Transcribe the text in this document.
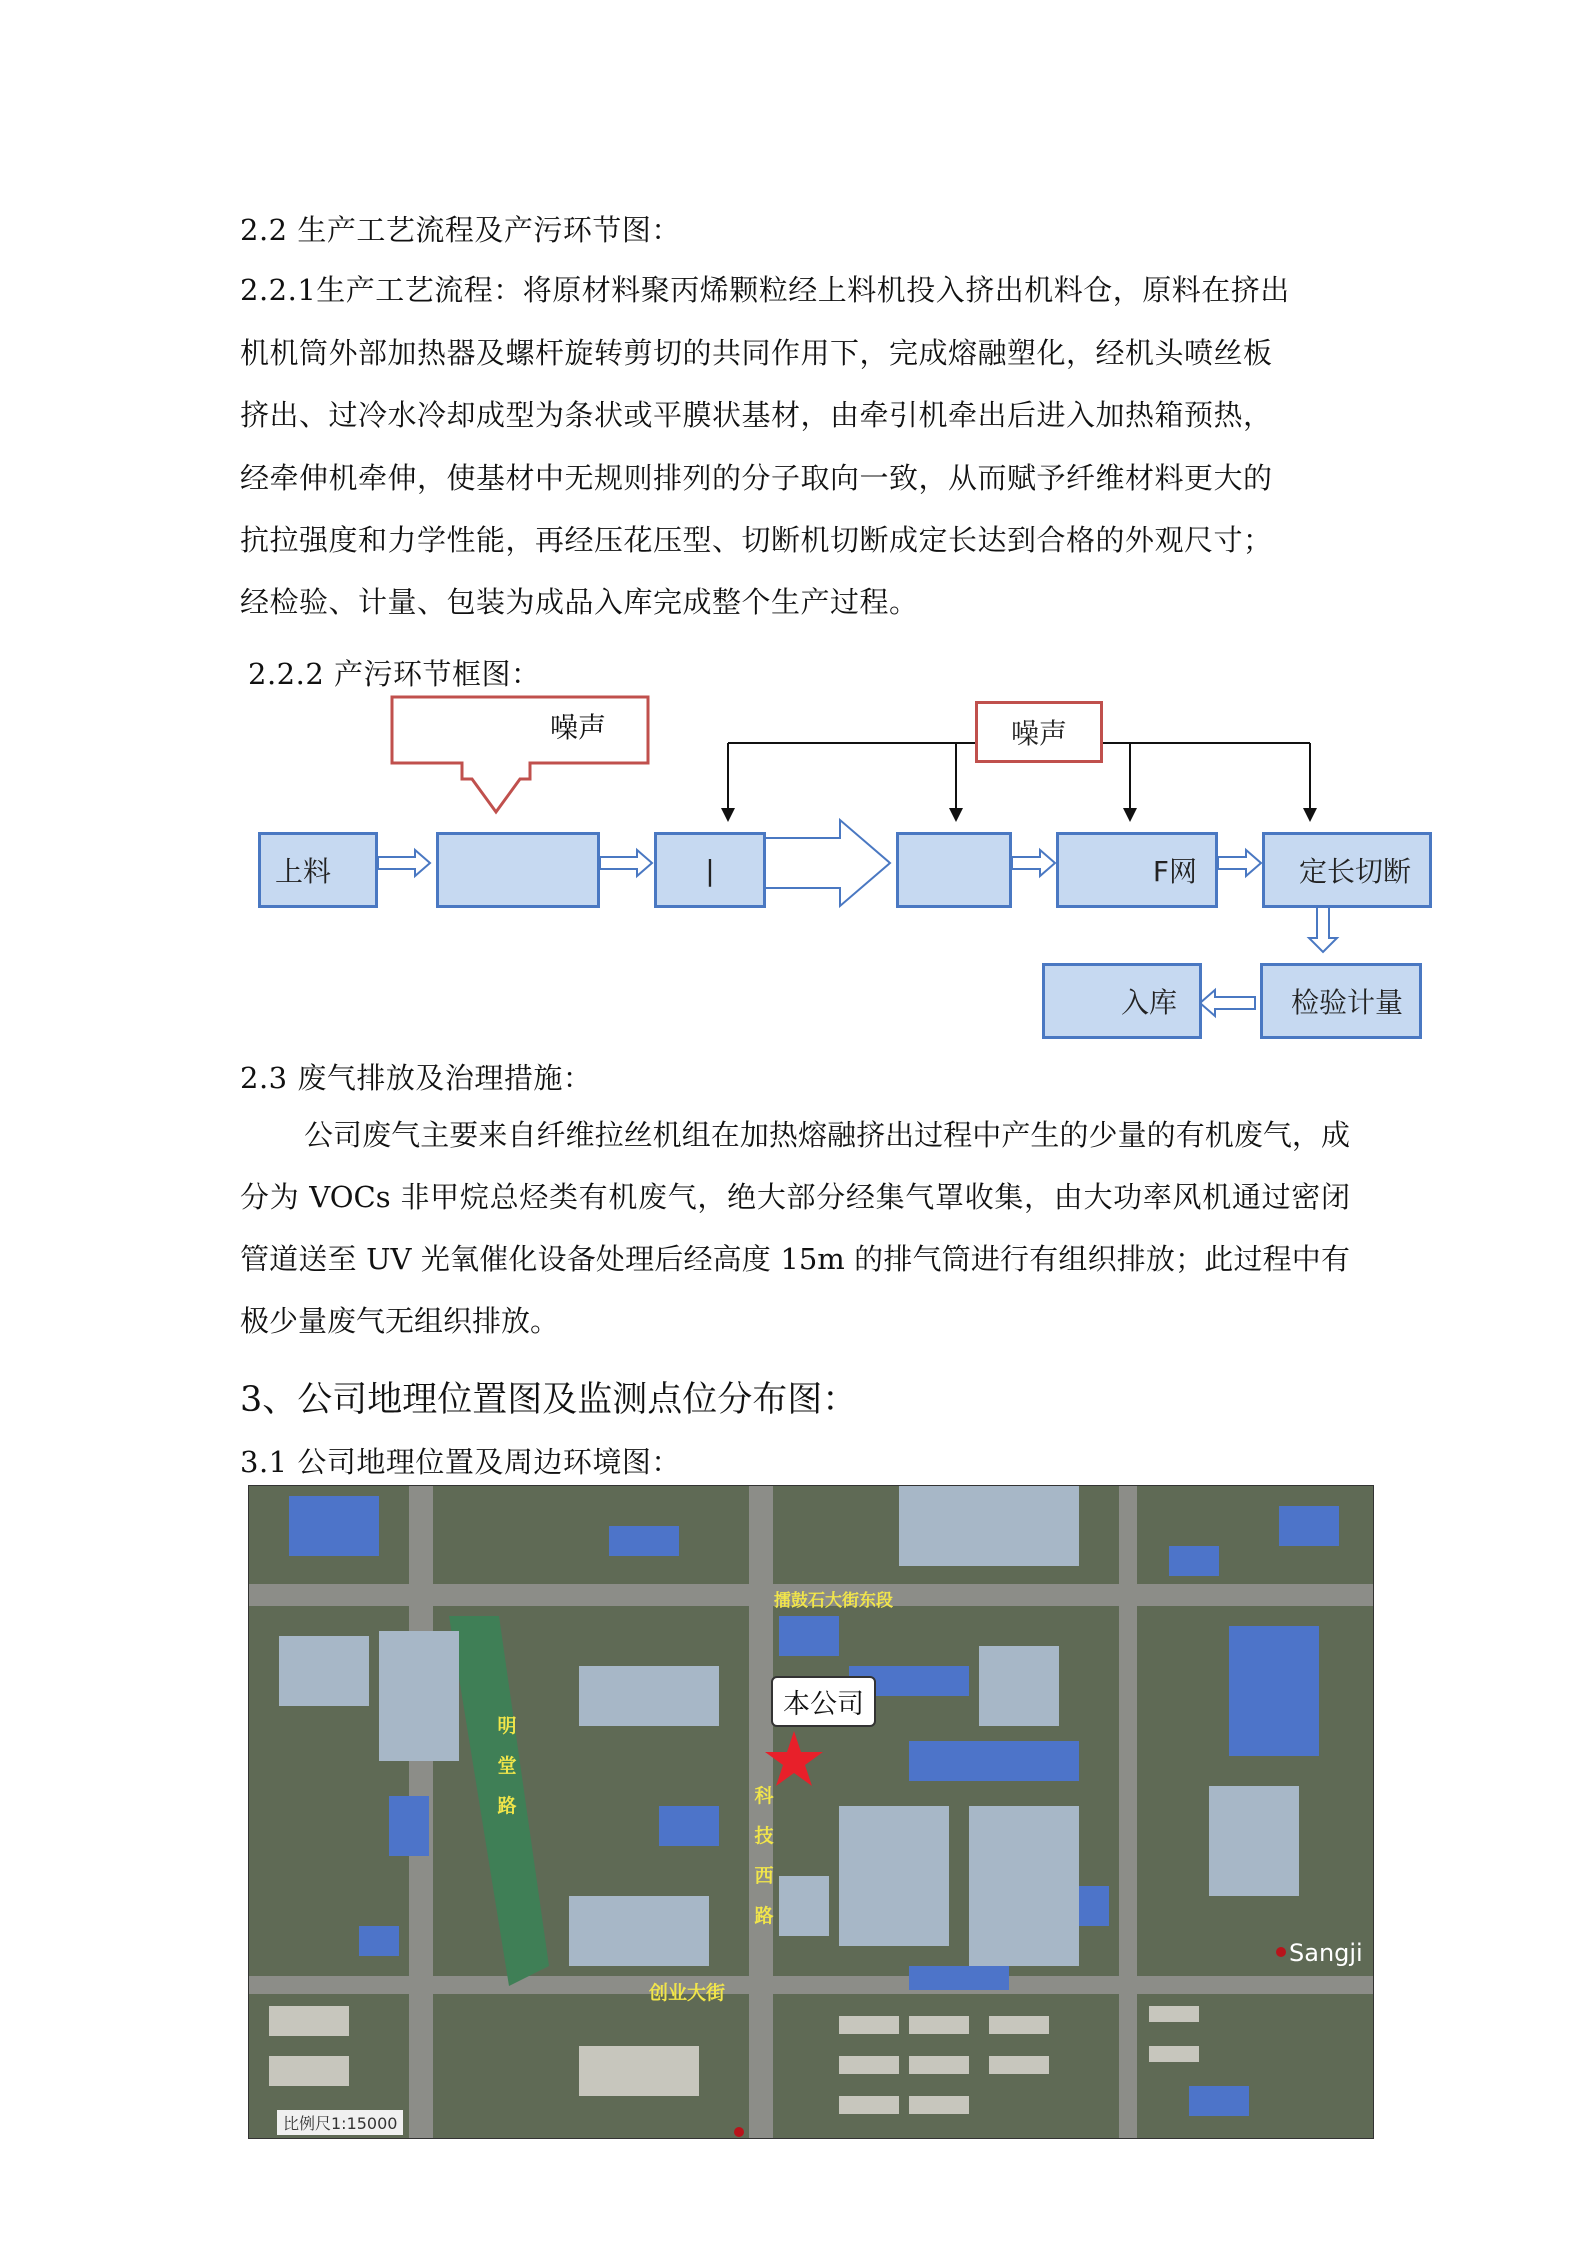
2.2 生产工艺流程及产污环节图：
2.2.1生产工艺流程：将原材料聚丙烯颗粒经上料机投入挤出机料仓，原料在挤出
机机筒外部加热器及螺杆旋转剪切的共同作用下，完成熔融塑化，经机头喷丝板
挤出、过冷水冷却成型为条状或平膜状基材，由牵引机牵出后进入加热箱预热，
经牵伸机牵伸，使基材中无规则排列的分子取向一致，从而赋予纤维材料更大的
抗拉强度和力学性能，再经压花压型、切断机切断成定长达到合格的外观尺寸；
经检验、计量、包装为成品入库完成整个生产过程。
2.2.2 产污环节框图：
噪声	噪声
上料	|	F网	定长切断
检验计量
入库
2.3 废气排放及治理措施：
公司废气主要来自纤维拉丝机组在加热熔融挤出过程中产生的少量的有机废气，成分为 VOCs 非甲烷总烃类有机废气，绝大部分经集气罩收集，由大功率风机通过密闭管道送至 UV 光氧催化设备处理后经高度 15m 的排气筒进行有组织排放；此过程中有极少量废气无组织排放。
3、公司地理位置图及监测点位分布图：
3.1 公司地理位置及周边环境图：
本公司
擂鼓石大街东段
明堂路	科技西路
创业大街
Sangji
比例尺1:15000
